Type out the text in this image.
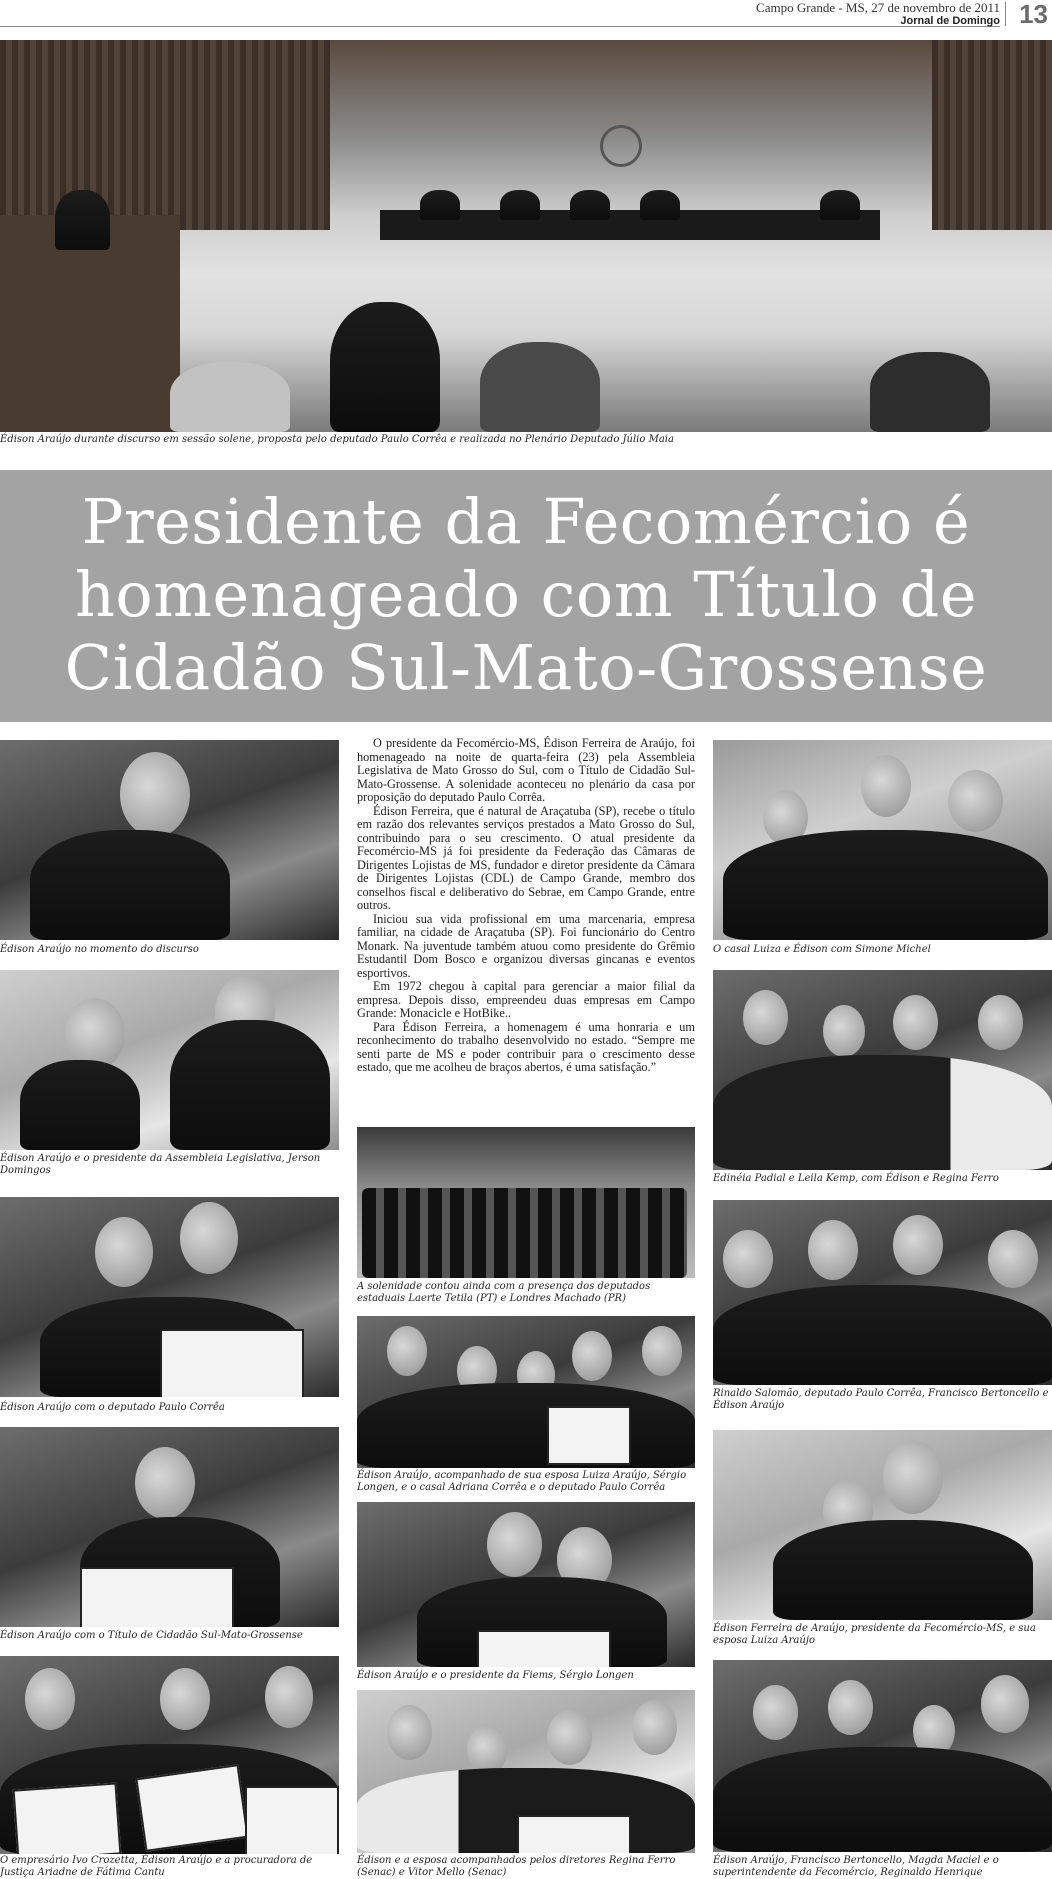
Campo Grande - MS, 27 de novembro de 2011
Jornal de Domingo 13
Édison Araújo durante discurso em sessão solene, proposta pelo deputado Paulo Corrêa e realizada no Plenário Deputado Júlio Maia
Presidente da Fecomércio é
homenageado com Título de
Cidadão Sul-Mato-Grossense
Édison Araújo no momento do discurso
Édison Araújo e o presidente da Assembleia Legislativa, Jerson Domingos
Édison Araújo com o deputado Paulo Corrêa
Édison Araújo com o Título de Cidadão Sul-Mato-Grossense
O empresário Ivo Crozetta, Édison Araújo e a procuradora de Justiça Ariadne de Fátima Cantu

O presidente da Fecomércio-MS, Édison Ferreira de Araújo, foi homenageado na noite de quarta-feira (23) pela Assembleia Legislativa de Mato Grosso do Sul, com o Título de Cidadão Sul-Mato-Grossense. A solenidade aconteceu no plenário da casa por proposição do deputado Paulo Corrêa.

Édison Ferreira, que é natural de Araçatuba (SP), recebe o título em razão dos relevantes serviços prestados a Mato Grosso do Sul, contribuindo para o seu crescimento. O atual presidente da Fecomércio-MS já foi presidente da Federação das Câmaras de Dirigentes Lojistas de MS, fundador e diretor presidente da Câmara de Dirigentes Lojistas (CDL) de Campo Grande, membro dos conselhos fiscal e deliberativo do Sebrae, em Campo Grande, entre outros.

Iniciou sua vida profissional em uma marcenaria, empresa familiar, na cidade de Araçatuba (SP). Foi funcionário do Centro Monark. Na juventude também atuou como presidente do Grêmio Estudantil Dom Bosco e organizou diversas gincanas e eventos esportivos.

Em 1972 chegou à capital para gerenciar a maior filial da empresa. Depois disso, empreendeu duas empresas em Campo Grande: Monacicle e HotBike..

Para Édison Ferreira, a homenagem é uma honraria e um reconhecimento do trabalho desenvolvido no estado. “Sempre me senti parte de MS e poder contribuir para o crescimento desse estado, que me acolheu de braços abertos, é uma satisfação.”

A solenidade contou ainda com a presença dos deputados estaduais Laerte Tetila (PT) e Londres Machado (PR)
Édison Araújo, acompanhado de sua esposa Luiza Araújo, Sérgio Longen, e o casal Adriana Corrêa e o deputado Paulo Corrêa
Édison Araújo e o presidente da Fiems, Sérgio Longen
Édison e a esposa acompanhados pelos diretores Regina Ferro (Senac) e Vitor Mello (Senac)
O casal Luiza e Édison com Simone Michel
Edinéia Padial e Leila Kemp, com Édison e Regina Ferro
Rinaldo Salomão, deputado Paulo Corrêa, Francisco Bertoncello e Édison Araújo
Édison Ferreira de Araújo, presidente da Fecomércio-MS, e sua esposa Luiza Araújo
Édison Araújo, Francisco Bertoncello, Magda Maciel e o superintendente da Fecomércio, Reginaldo Henrique
